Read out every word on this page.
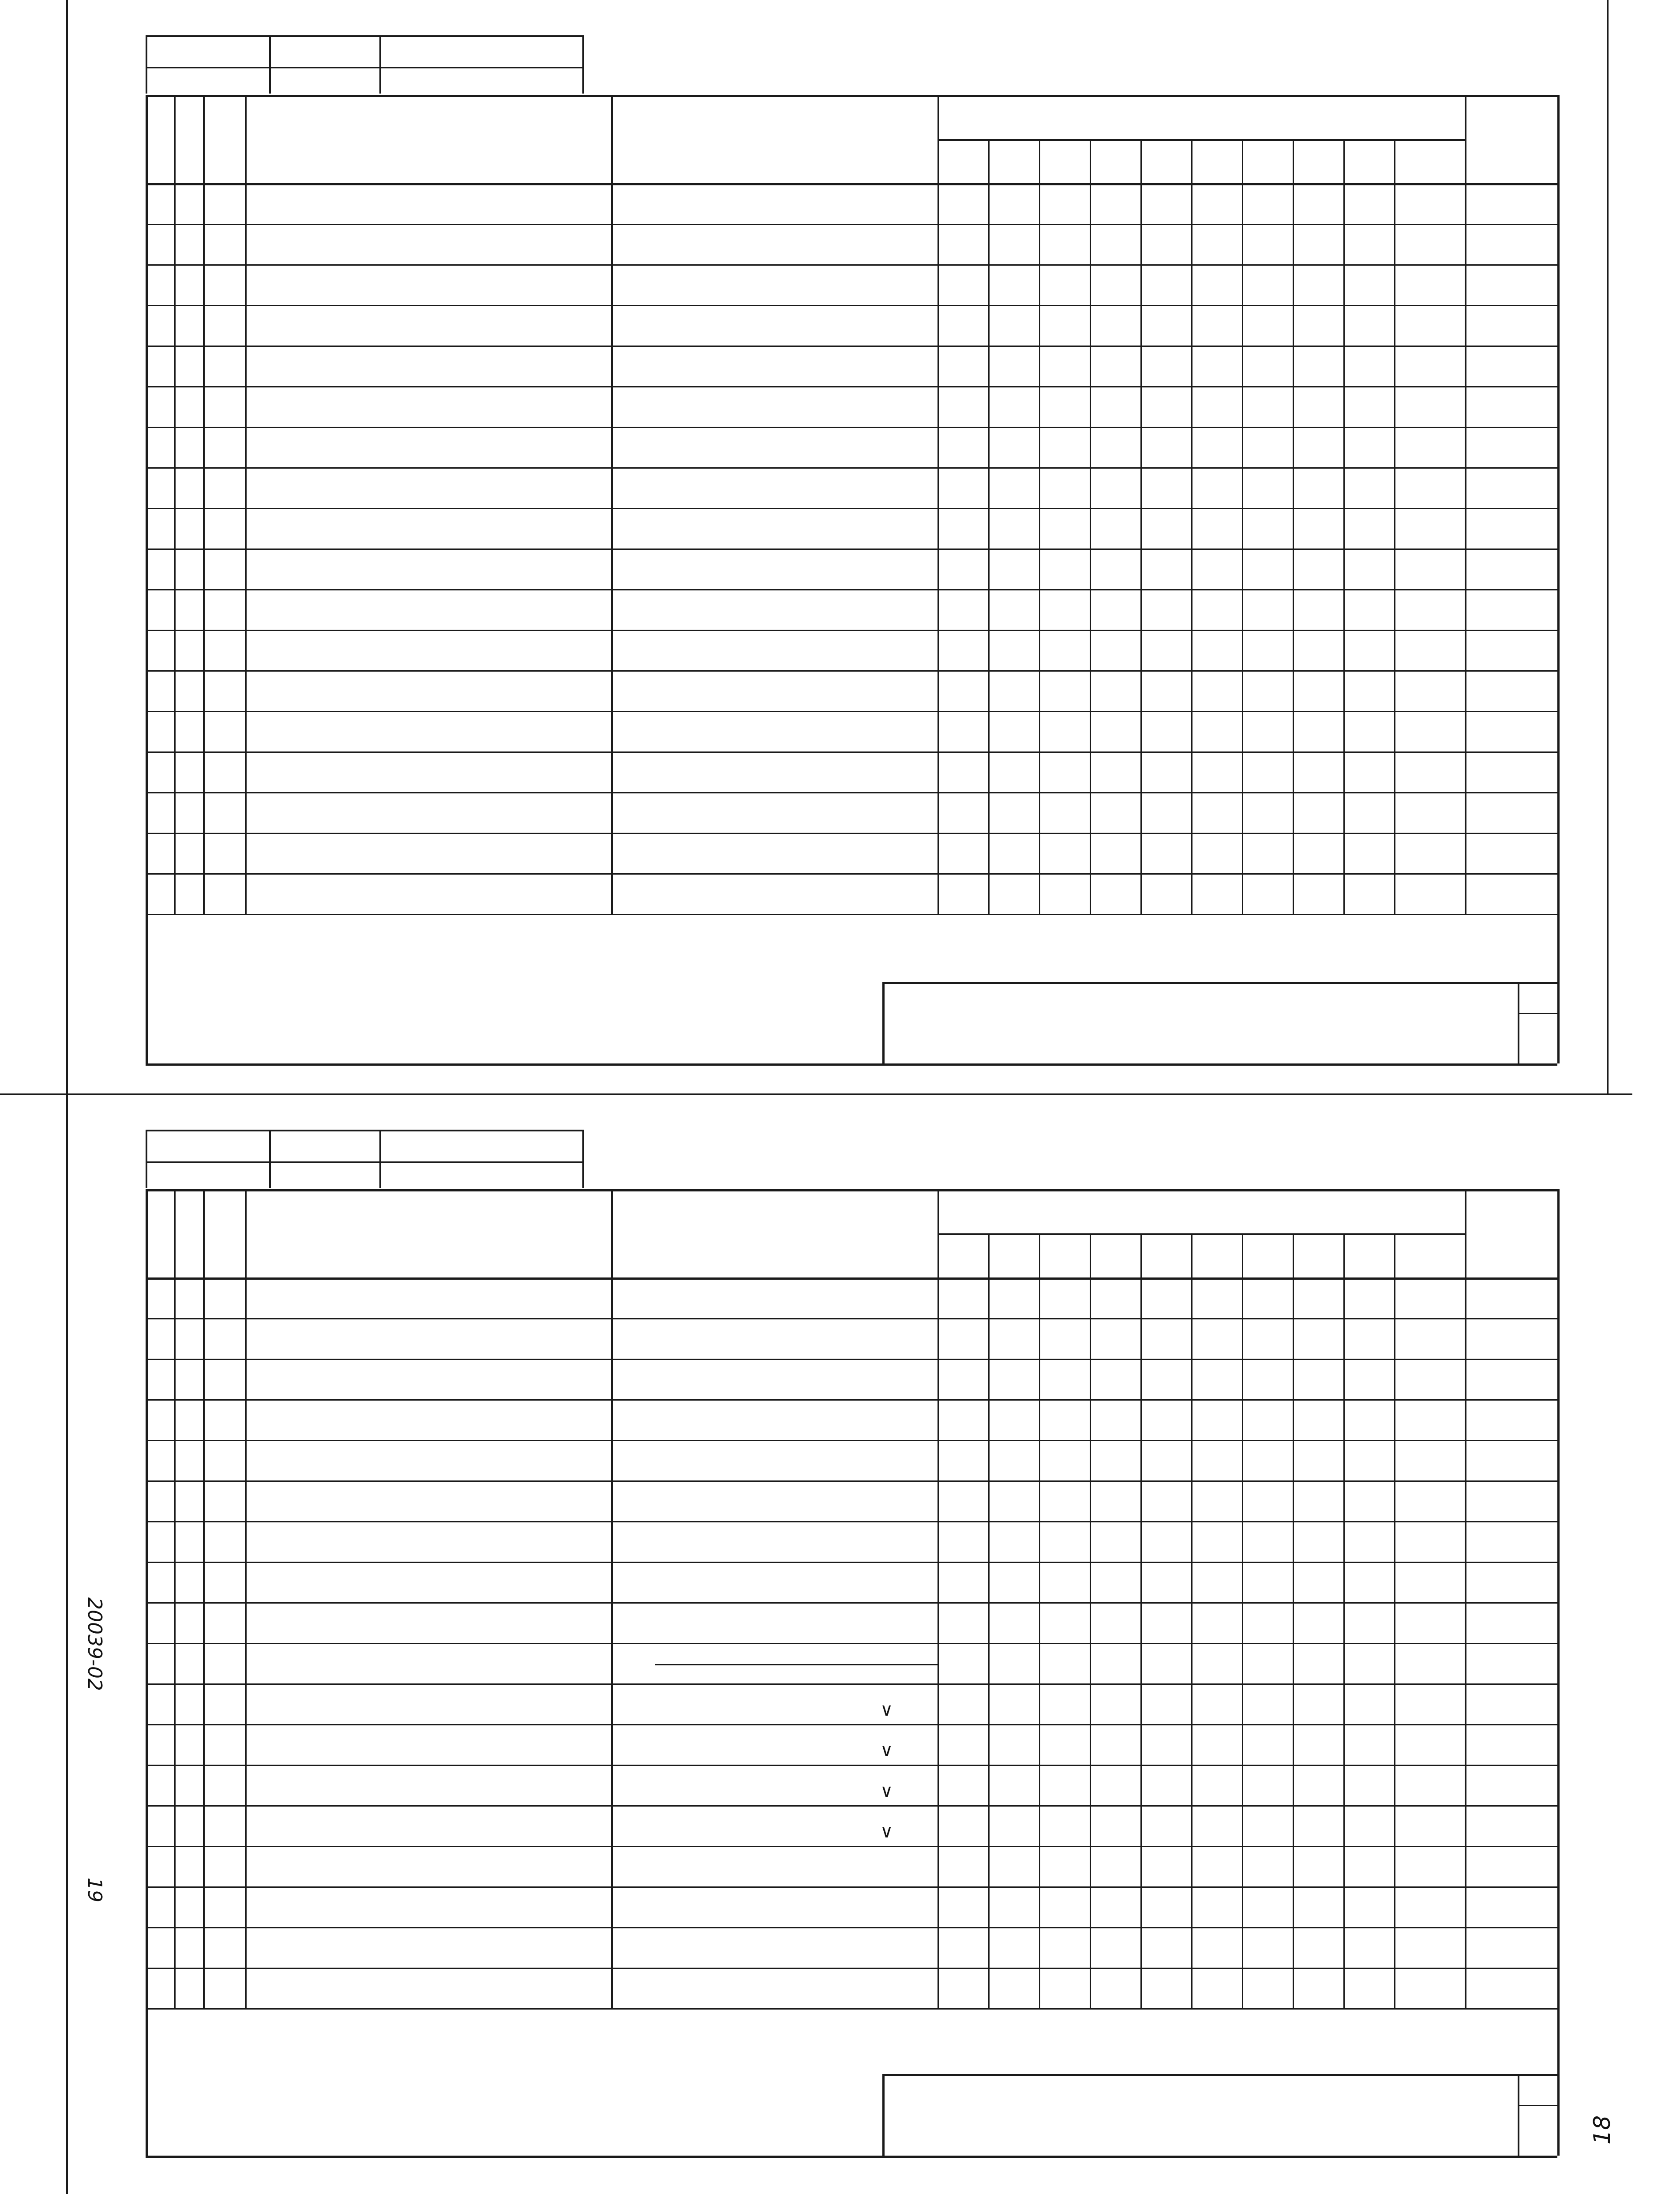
∨
∨
∨
∨
20039-02
19
18
